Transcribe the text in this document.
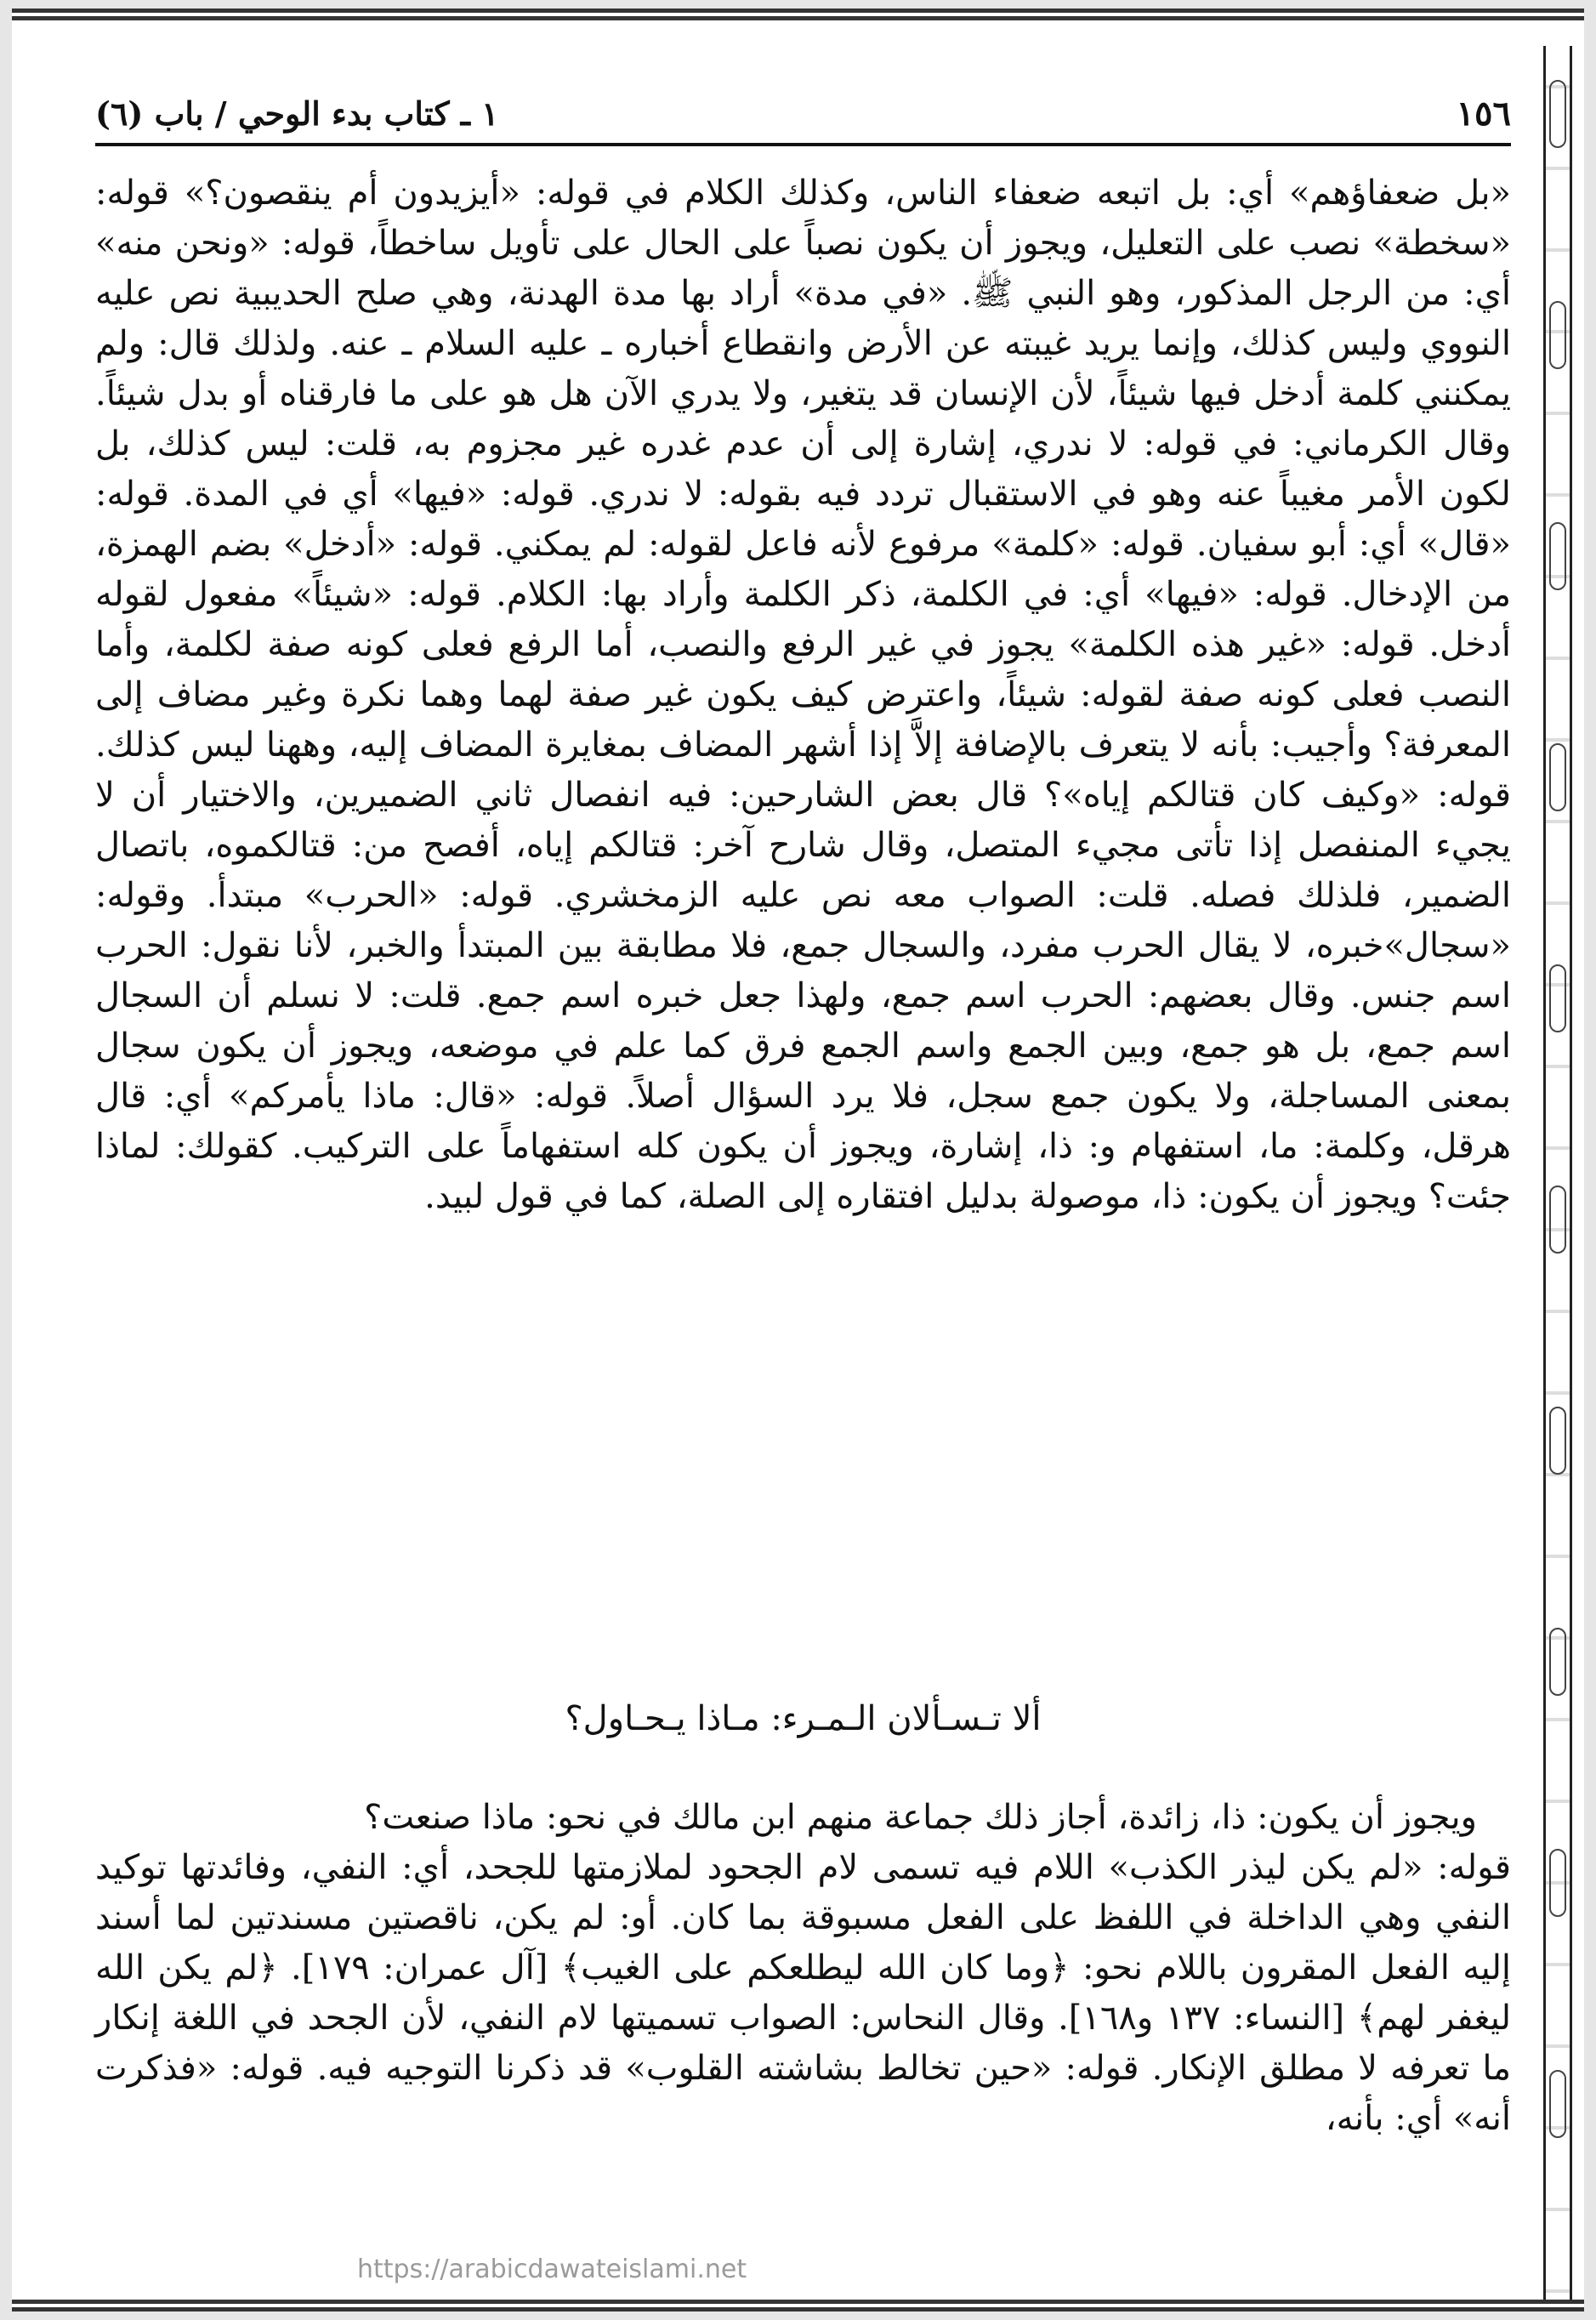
١٥٦
١ ـ كتاب بدء الوحي / باب (٦)

«بل ضعفاؤهم» أي: بل اتبعه ضعفاء الناس، وكذلك الكلام في قوله: «أيزيدون أم ينقصون؟» قوله: «سخطة» نصب على التعليل، ويجوز أن يكون نصباً على الحال على تأويل ساخطاً، قوله: «ونحن منه» أي: من الرجل المذكور، وهو النبي ﷺ. «في مدة» أراد بها مدة الهدنة، وهي صلح الحديبية نص عليه النووي وليس كذلك، وإنما يريد غيبته عن الأرض وانقطاع أخباره ـ عليه السلام ـ عنه. ولذلك قال: ولم يمكنني كلمة أدخل فيها شيئاً، لأن الإنسان قد يتغير، ولا يدري الآن هل هو على ما فارقناه أو بدل شيئاً. وقال الكرماني: في قوله: لا ندري، إشارة إلى أن عدم غدره غير مجزوم به، قلت: ليس كذلك، بل لكون الأمر مغيباً عنه وهو في الاستقبال تردد فيه بقوله: لا ندري. قوله: «فيها» أي في المدة. قوله: «قال» أي: أبو سفيان. قوله: «كلمة» مرفوع لأنه فاعل لقوله: لم يمكني. قوله: «أدخل» بضم الهمزة، من الإدخال. قوله: «فيها» أي: في الكلمة، ذكر الكلمة وأراد بها: الكلام. قوله: «شيئاً» مفعول لقوله أدخل. قوله: «غير هذه الكلمة» يجوز في غير الرفع والنصب، أما الرفع فعلى كونه صفة لكلمة، وأما النصب فعلى كونه صفة لقوله: شيئاً، واعترض كيف يكون غير صفة لهما وهما نكرة وغير مضاف إلى المعرفة؟ وأجيب: بأنه لا يتعرف بالإضافة إلاَّ إذا أشهر المضاف بمغايرة المضاف إليه، وههنا ليس كذلك. قوله: «وكيف كان قتالكم إياه»؟ قال بعض الشارحين: فيه انفصال ثاني الضميرين، والاختيار أن لا يجيء المنفصل إذا تأتى مجيء المتصل، وقال شارح آخر: قتالكم إياه، أفصح من: قتالكموه، باتصال الضمير، فلذلك فصله. قلت: الصواب معه نص عليه الزمخشري. قوله: «الحرب» مبتدأ. وقوله: «سجال»خبره، لا يقال الحرب مفرد، والسجال جمع، فلا مطابقة بين المبتدأ والخبر، لأنا نقول: الحرب اسم جنس. وقال بعضهم: الحرب اسم جمع، ولهذا جعل خبره اسم جمع. قلت: لا نسلم أن السجال اسم جمع، بل هو جمع، وبين الجمع واسم الجمع فرق كما علم في موضعه، ويجوز أن يكون سجال بمعنى المساجلة، ولا يكون جمع سجل، فلا يرد السؤال أصلاً. قوله: «قال: ماذا يأمركم» أي: قال هرقل، وكلمة: ما، استفهام و: ذا، إشارة، ويجوز أن يكون كله استفهاماً على التركيب. كقولك: لماذا جئت؟ ويجوز أن يكون: ذا، موصولة بدليل افتقاره إلى الصلة، كما في قول لبيد.

ألا تـسـألان الـمـرء: مـاذا يـحـاول؟

ويجوز أن يكون: ذا، زائدة، أجاز ذلك جماعة منهم ابن مالك في نحو: ماذا صنعت؟

قوله: «لم يكن ليذر الكذب» اللام فيه تسمى لام الجحود لملازمتها للجحد، أي: النفي، وفائدتها توكيد النفي وهي الداخلة في اللفظ على الفعل مسبوقة بما كان. أو: لم يكن، ناقصتين مسندتين لما أسند إليه الفعل المقرون باللام نحو: ﴿وما كان الله ليطلعكم على الغيب﴾ [آل عمران: ١٧٩]. ﴿لم يكن الله ليغفر لهم﴾ [النساء: ١٣٧ و١٦٨]. وقال النحاس: الصواب تسميتها لام النفي، لأن الجحد في اللغة إنكار ما تعرفه لا مطلق الإنكار. قوله: «حين تخالط بشاشته القلوب» قد ذكرنا التوجيه فيه. قوله: «فذكرت أنه» أي: بأنه،

https://arabicdawateislami.net
